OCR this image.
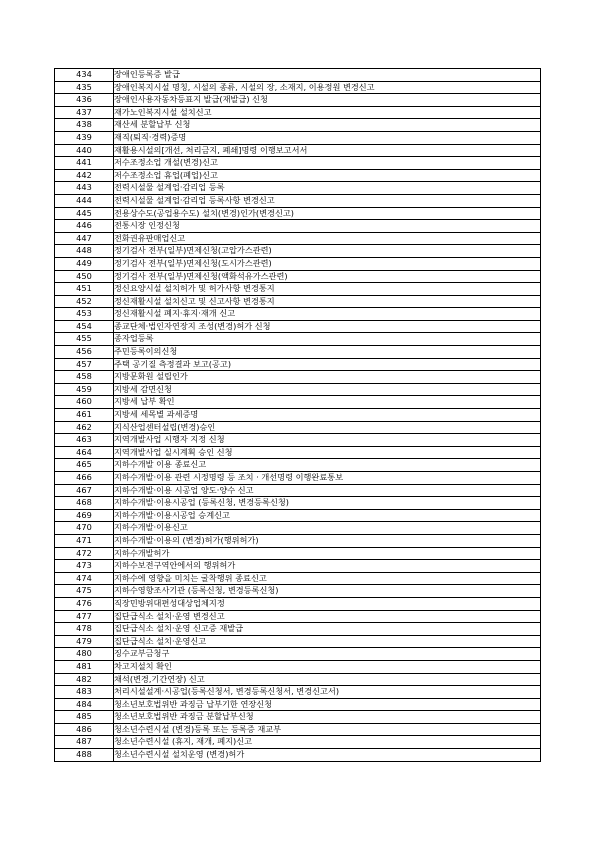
434	장애인등록증 발급
435	장애인복지시설 명칭, 시설의 종류, 시설의 장, 소재지, 이용정원 변경신고
436	장애인사용자동차등표지 발급(재발급) 신청
437	재가노인복지시설 설치신고
438	재산세 분할납부 신청
439	재직(퇴직·경력)증명
440	재활용시설의[개선, 처리금지, 폐쇄]명령 이행보고서서
441	저수조정소업 개설(변경)신고
442	저수조정소업 휴업(폐업)신고
443	전력시설물 설계업·감리업 등록
444	전력시설물 설계업·감리업 등록사항 변경신고
445	전용상수도(공업용수도) 설치(변경)인가(변경신고)
446	전통시장 인정신청
447	전화권유판매업신고
448	정기검사 전부(일부)면제신청(고압가스관련)
449	정기검사 전부(일부)면제신청(도시가스관련)
450	정기검사 전부(일부)면제신청(액화석유가스관련)
451	정신요양시설 설치허가 및 허가사항 변경통지
452	정신재활시설 설치신고 및 신고사항 변경통지
453	정신재활시설 폐지·휴지·재개 신고
454	종교단체·법인자연장지 조성(변경)허가 신청
455	종자업등록
456	주민등록이의신청
457	주택 공기질 측정결과 보고(공고)
458	지방문화원 설립인가
459	지방세 감면신청
460	지방세 납부 확인
461	지방세 세목별 과세증명
462	지식산업센터설립(변경)승인
463	지역개발사업 시행자 지정 신청
464	지역개발사업 실시계획 승인 신청
465	지하수개발 이용 종료신고
466	지하수개발·이용 관련 시정명령 등 조치 · 개선명령 이행완료통보
467	지하수개발·이용 시공업 양도·양수 신고
468	지하수개발·이용시공업 (등록신청, 변경등록신청)
469	지하수개발·이용시공업 승계신고
470	지하수개발·이용신고
471	지하수개발·이용의 (변경)허가(행위허가)
472	지하수개발허가
473	지하수보전구역안에서의 행위허가
474	지하수에 영향을 미치는 굴착행위 종료신고
475	지하수영향조사기관 (등록신청, 변경등록신청)
476	직장민방위대편성대상업체지정
477	집단급식소 설치·운영 변경신고
478	집단급식소 설치·운영 신고증 재발급
479	집단급식소 설치·운영신고
480	징수교부금청구
481	차고지설치 확인
482	채석(변경,기간연장) 신고
483	처리시설설계·시공업(등록신청서, 변경등록신청서, 변경신고서)
484	청소년보호법위반 과징금 납부기한 연장신청
485	청소년보호법위반 과징금 분할납부신청
486	청소년수련시설 (변경)등록 또는 등록증 재교부
487	청소년수련시설 (휴지, 재개, 폐지)신고
488	청소년수련시설 설치운영 (변경)허가
